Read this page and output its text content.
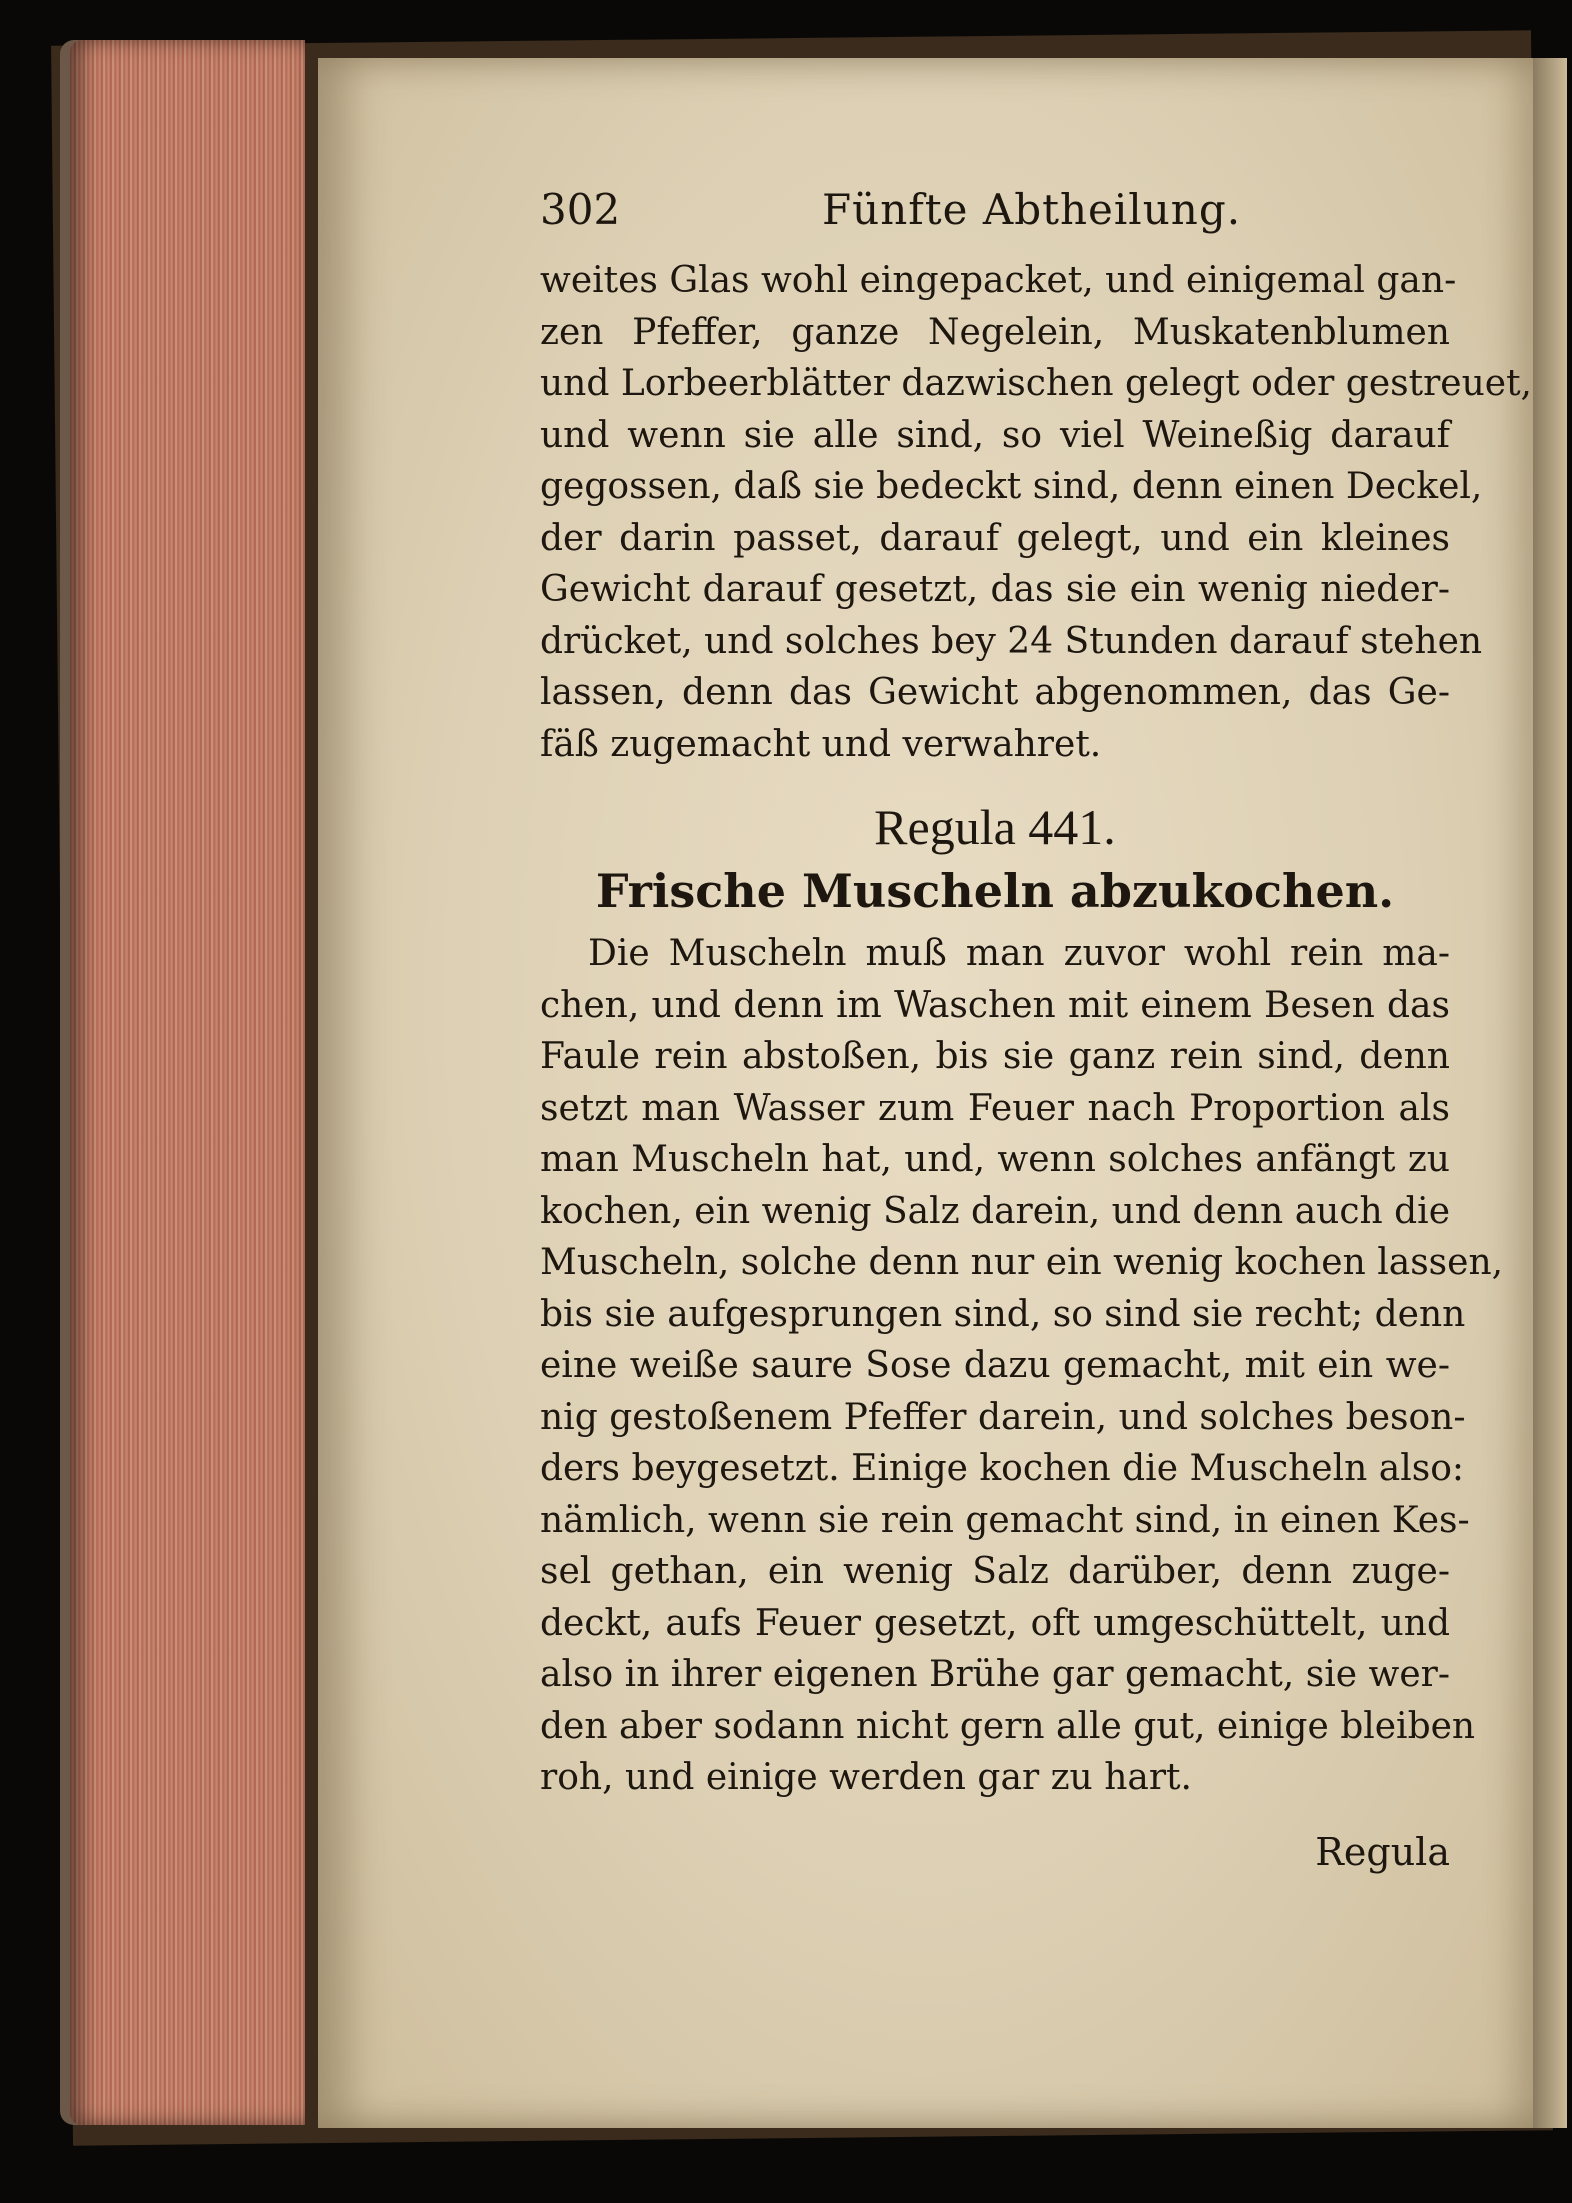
302	Fünfte Abtheilung.
weites Glas wohl eingepacket, und einigemal gan-
zen Pfeffer, ganze Negelein, Muskatenblumen
und Lorbeerblätter dazwischen gelegt oder gestreuet,
und wenn sie alle sind, so viel Weineßig darauf
gegossen, daß sie bedeckt sind, denn einen Deckel,
der darin passet, darauf gelegt, und ein kleines
Gewicht darauf gesetzt, das sie ein wenig nieder-
drücket, und solches bey 24 Stunden darauf stehen
lassen, denn das Gewicht abgenommen, das Ge-
fäß zugemacht und verwahret.
Regula 441.
Frische Muscheln abzukochen.
Die Muscheln muß man zuvor wohl rein ma-
chen, und denn im Waschen mit einem Besen das
Faule rein abstoßen, bis sie ganz rein sind, denn
setzt man Wasser zum Feuer nach Proportion als
man Muscheln hat, und, wenn solches anfängt zu
kochen, ein wenig Salz darein, und denn auch die
Muscheln, solche denn nur ein wenig kochen lassen,
bis sie aufgesprungen sind, so sind sie recht; denn
eine weiße saure Sose dazu gemacht, mit ein we-
nig gestoßenem Pfeffer darein, und solches beson-
ders beygesetzt. Einige kochen die Muscheln also:
nämlich, wenn sie rein gemacht sind, in einen Kes-
sel gethan, ein wenig Salz darüber, denn zuge-
deckt, aufs Feuer gesetzt, oft umgeschüttelt, und
also in ihrer eigenen Brühe gar gemacht, sie wer-
den aber sodann nicht gern alle gut, einige bleiben
roh, und einige werden gar zu hart.
Regula
